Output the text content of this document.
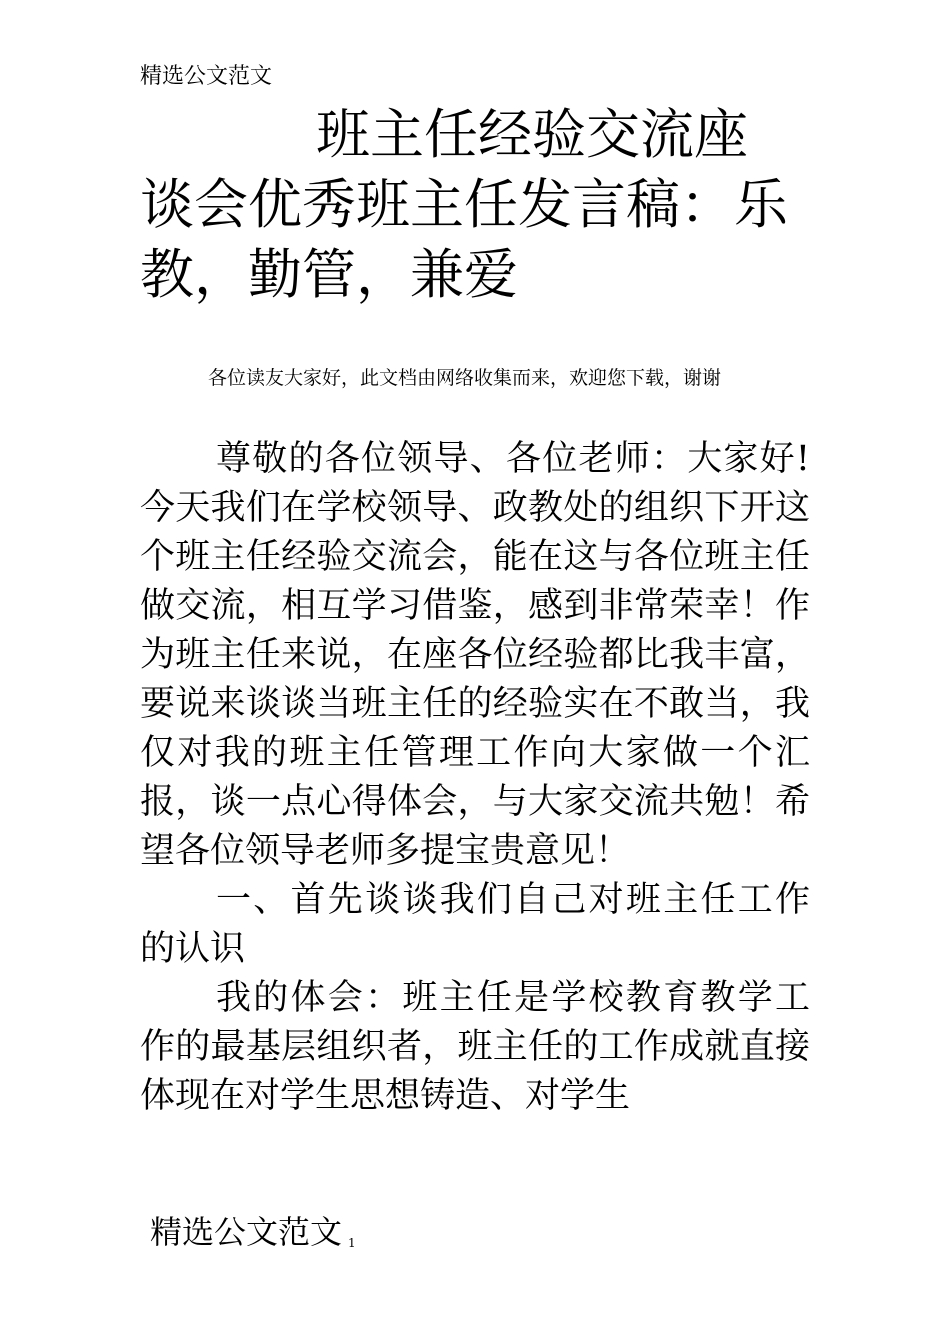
精选公文范文
班主任经验交流座谈会优秀班主任发言稿：乐教，勤管，兼爱
各位读友大家好，此文档由网络收集而来，欢迎您下载，谢谢

尊敬的各位领导、各位老师：大家好!今天我们在学校领导、政教处的组织下开这个班主任经验交流会，能在这与各位班主任做交流，相互学习借鉴，感到非常荣幸！作为班主任来说，在座各位经验都比我丰富，要说来谈谈当班主任的经验实在不敢当，我仅对我的班主任管理工作向大家做一个汇报，谈一点心得体会，与大家交流共勉！希望各位领导老师多提宝贵意见！

一、首先谈谈我们自己对班主任工作的认识

我的体会：班主任是学校教育教学工作的最基层组织者，班主任的工作成就直接体现在对学生思想铸造、对学生

精选公文范文 1
